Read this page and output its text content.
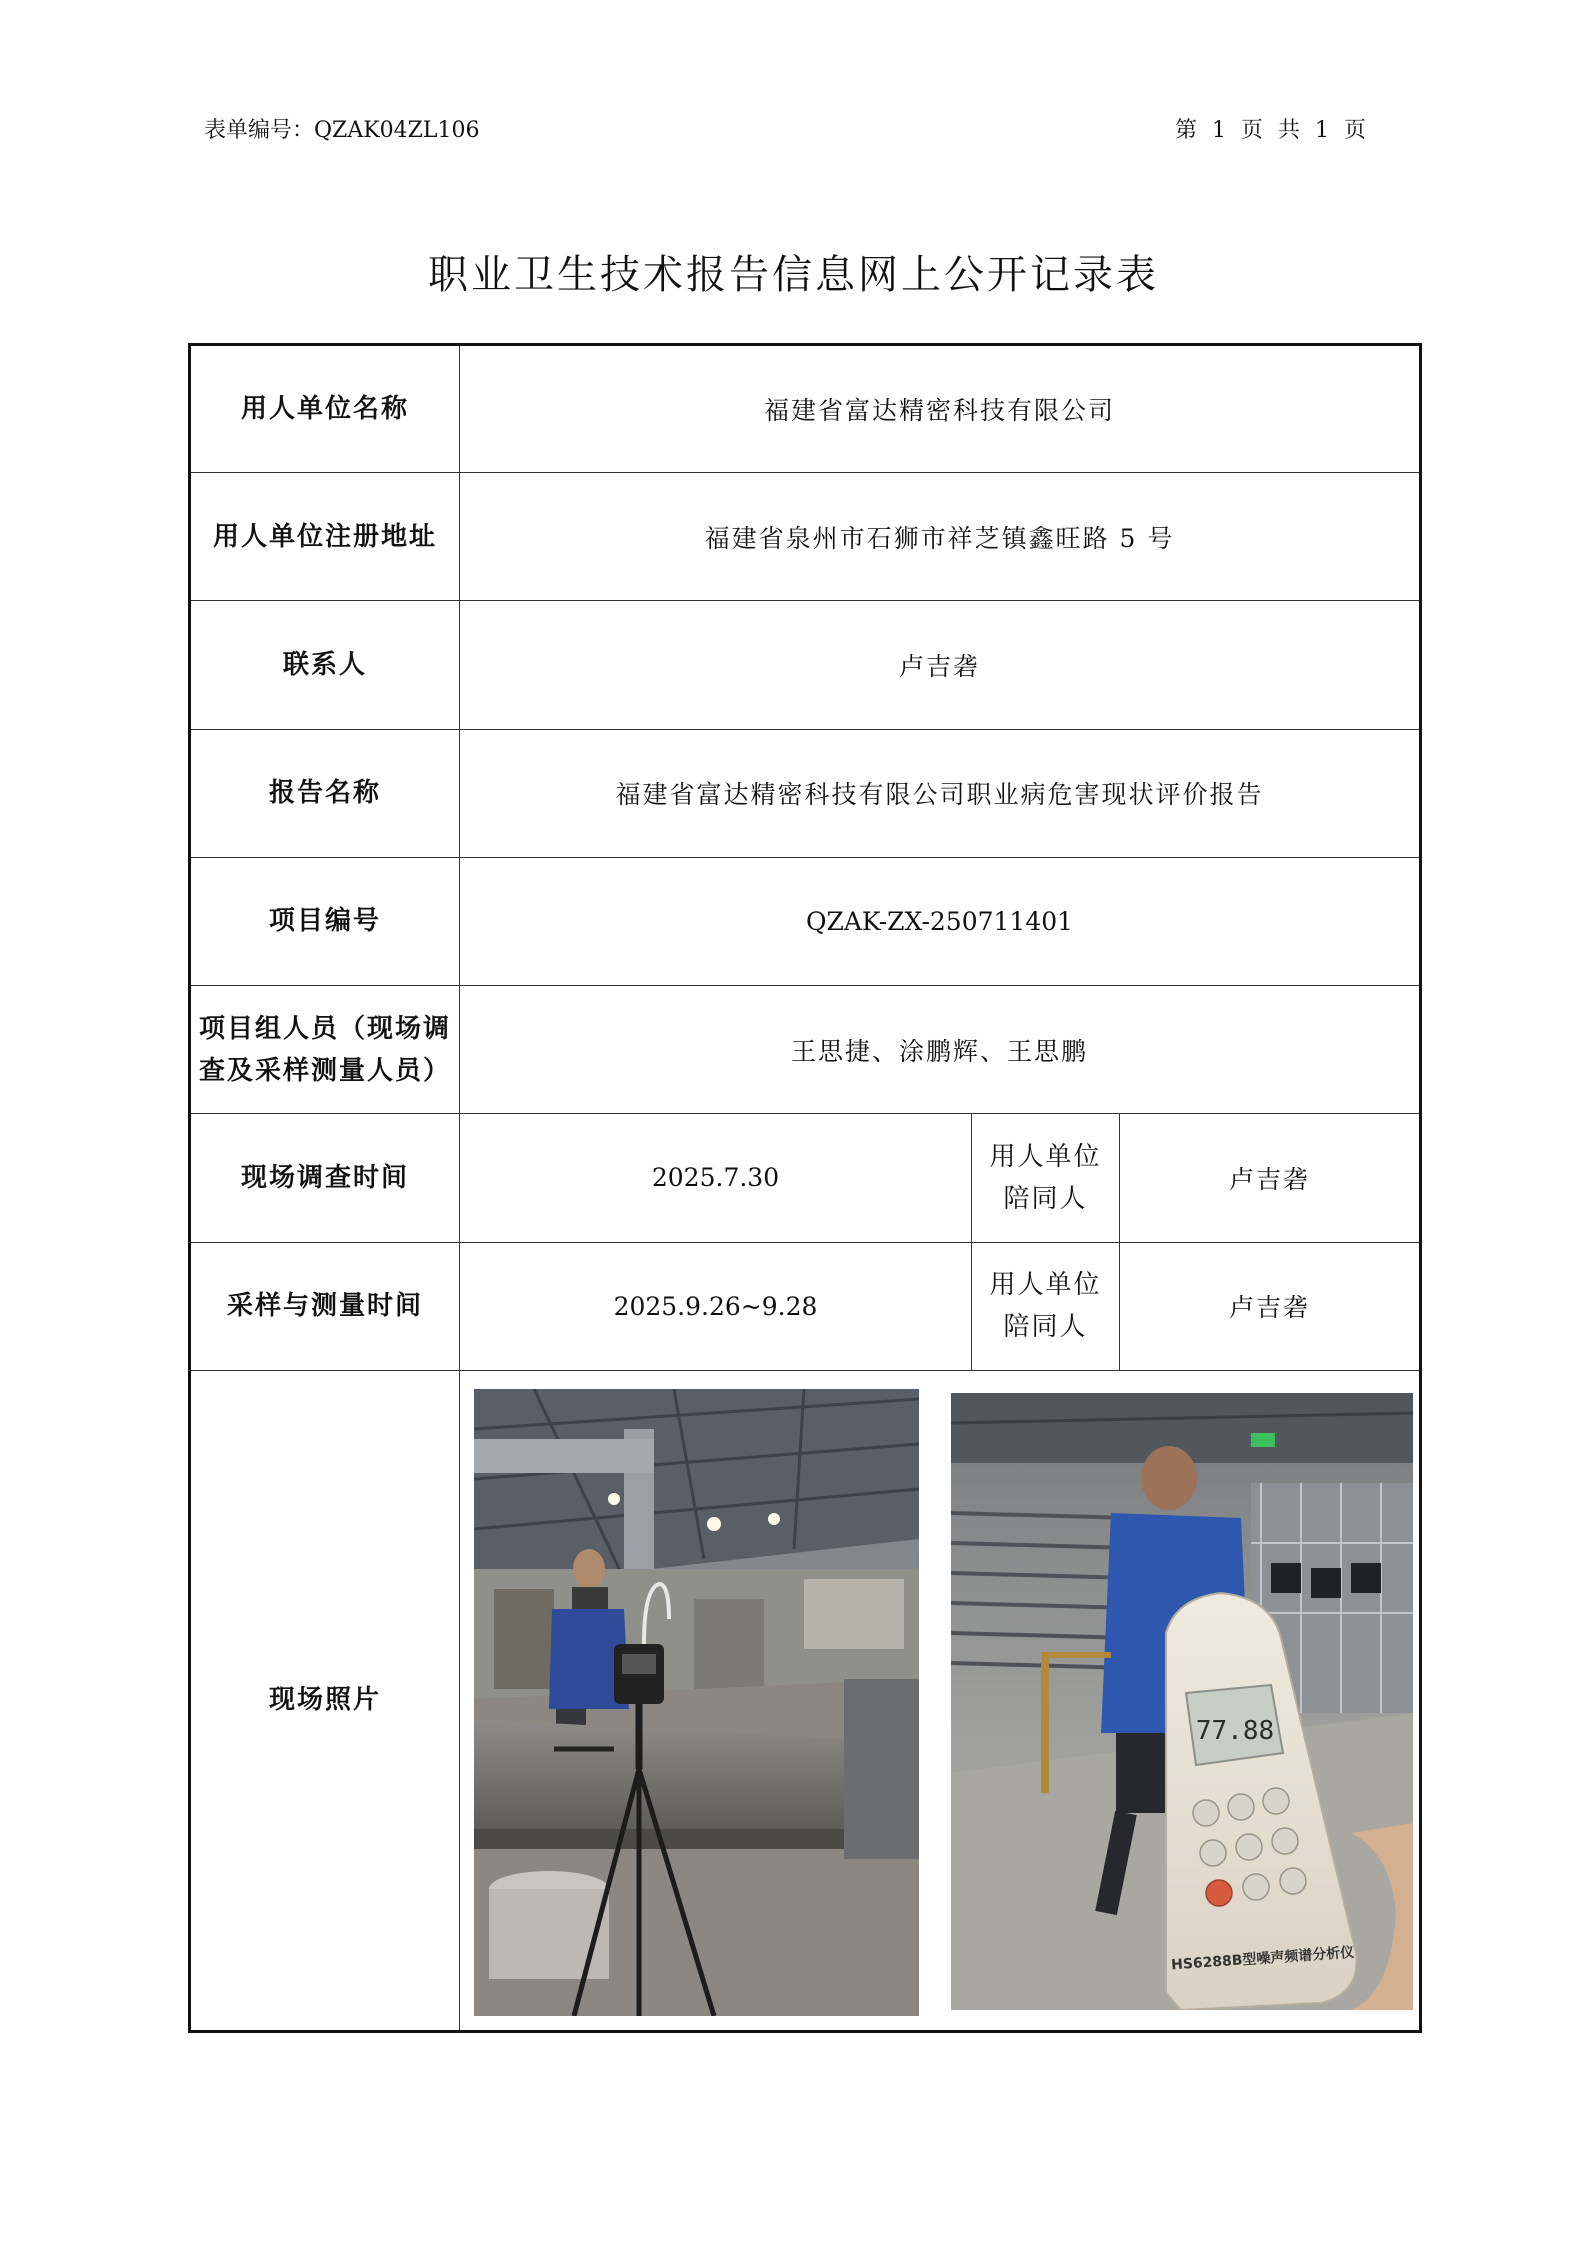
表单编号：QZAK04ZL106	第 1 页 共 1 页
职业卫生技术报告信息网上公开记录表
用人单位名称	福建省富达精密科技有限公司		
用人单位注册地址	福建省泉州市石狮市祥芝镇鑫旺路 5 号		
联系人	卢吉砻		
报告名称	福建省富达精密科技有限公司职业病危害现状评价报告		
项目编号	QZAK-ZX-250711401		

项目组人员（现场调
查及采样测量人员）	王思捷、涂鹏辉、王思鹏		
现场调查时间	2025.7.30	用人单位
陪同人	卢吉砻
采样与测量时间	2025.9.26~9.28	用人单位
陪同人	卢吉砻
现场照片	77.88
HS6288B型噪声频谱分析仪		
